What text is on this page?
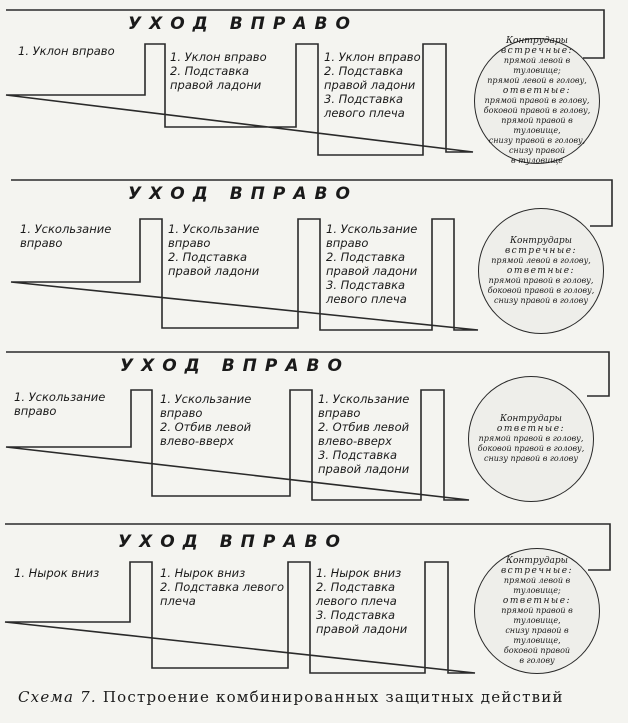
УХОД ВПРАВО
1. Уклон вправо	1. Уклон вправо
2. Подставка правой ладони
1. Уклон вправо
2. Подставка правой ладони
3. Подставка левого плеча
Контрудары
встречные:
прямой левой в туловище;
прямой левой в голову,
ответные:
прямой правой в голову,
боковой правой в голову,
прямой правой в туловище,
снизу правой в голову,
снизу правой
в туловище
УХОД ВПРАВО
1. Ускользание вправо
1. Ускользание вправо
2. Подставка правой ладони
1. Ускользание вправо
2. Подставка правой ладони
3. Подставка левого плеча
Контрудары
встречные:
прямой левой в голову,
ответные:
прямой правой в голову,
боковой правой в голову,
снизу правой в голову
УХОД ВПРАВО
1. Ускользание вправо
1. Ускользание вправо
2. Отбив левой влево-вверх
1. Ускользание вправо
2. Отбив левой влево-вверх
3. Подставка правой ладони
Контрудары
ответные:
прямой правой в голову,
боковой правой в голову,
снизу правой в голову
УХОД ВПРАВО
1. Нырок вниз	1. Нырок вниз
2. Подставка левого плеча
1. Нырок вниз
2. Подставка левого плеча
3. Подставка правой ладони
Контрудары
встречные:
прямой левой в туловище;
ответные:
прямой правой в туловище,
снизу правой в туловище,
боковой правой
в голову
Схема 7. Построение комбинированных защитных действий
